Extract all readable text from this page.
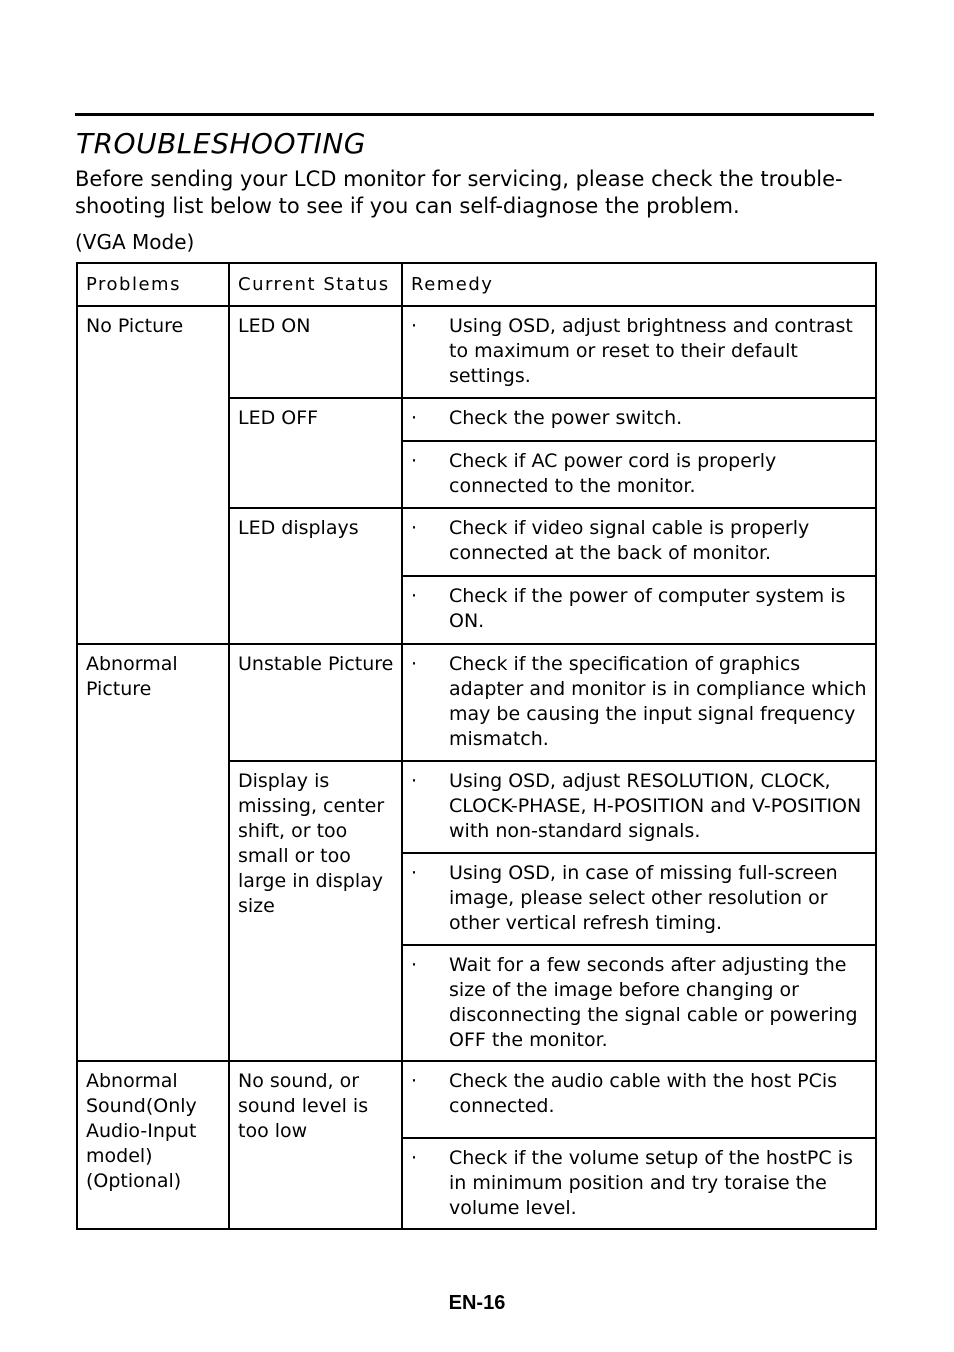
TROUBLESHOOTING

Before sending your LCD monitor for servicing, please check the trouble-shooting list below to see if you can self-diagnose the problem.

(VGA Mode)

Problems	Current Status	Remedy
No Picture	LED ON	· Using OSD, adjust brightness and contrast to maximum or reset to their default settings.

	LED OFF	· Check the power switch.

		· Check if AC power cord is properly connected to the monitor.

	LED displays	· Check if video signal cable is properly connected at the back of monitor.

		· Check if the power of computer system is ON.

Abnormal Picture	Unstable Picture	· Check if the specification of graphics adapter and monitor is in compliance which may be causing the input signal frequency mismatch.

	Display is missing, center shift, or too small or too large in display size	· Using OSD, adjust RESOLUTION, CLOCK, CLOCK-PHASE, H-POSITION and V-POSITION with non-standard signals.

		· Using OSD, in case of missing full-screen image, please select other resolution or other vertical refresh timing.

		· Wait for a few seconds after adjusting the size of the image before changing or disconnecting the signal cable or powering OFF the monitor.

Abnormal Sound(Only Audio-Input model) (Optional)	No sound, or sound level is too low	· Check the audio cable with the host PCis connected.

		· Check if the volume setup of the hostPC is in minimum position and try toraise the volume level.
EN-16
